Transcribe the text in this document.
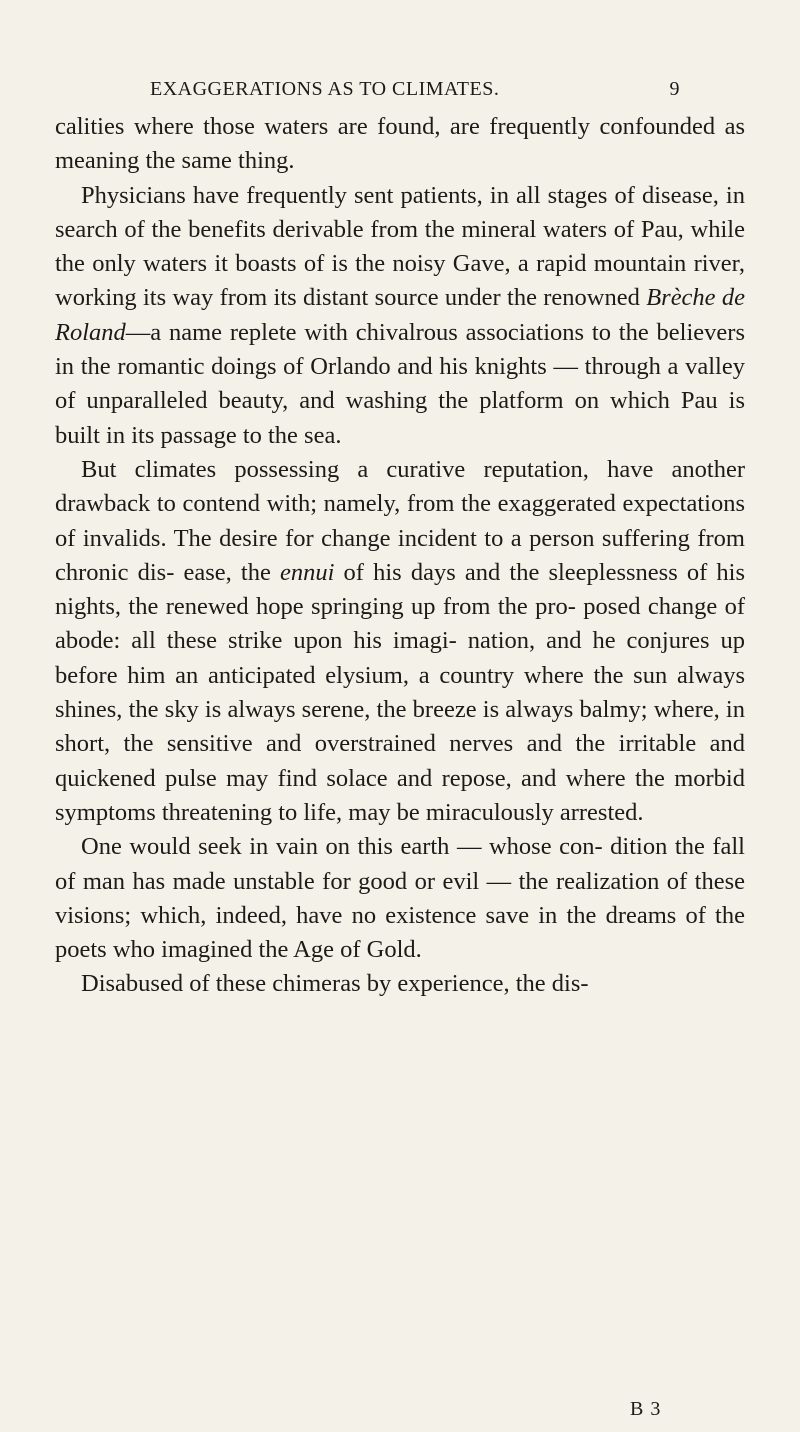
EXAGGERATIONS AS TO CLIMATES.	9

calities where those waters are found, are frequently confounded as meaning the same thing.

Physicians have frequently sent patients, in all stages of disease, in search of the benefits derivable from the mineral waters of Pau, while the only waters it boasts of is the noisy Gave, a rapid mountain river, working its way from its distant source under the renowned Brèche de Roland—a name replete with chivalrous associations to the believers in the romantic doings of Orlando and his knights — through a valley of unparalleled beauty, and washing the platform on which Pau is built in its passage to the sea.

But climates possessing a curative reputation, have another drawback to contend with; namely, from the exaggerated expectations of invalids. The desire for change incident to a person suffering from chronic dis- ease, the ennui of his days and the sleeplessness of his nights, the renewed hope springing up from the pro- posed change of abode: all these strike upon his imagi- nation, and he conjures up before him an anticipated elysium, a country where the sun always shines, the sky is always serene, the breeze is always balmy; where, in short, the sensitive and overstrained nerves and the irritable and quickened pulse may find solace and repose, and where the morbid symptoms threatening to life, may be miraculously arrested.

One would seek in vain on this earth — whose con- dition the fall of man has made unstable for good or evil — the realization of these visions; which, indeed, have no existence save in the dreams of the poets who imagined the Age of Gold.

Disabused of these chimeras by experience, the dis-

B 3
